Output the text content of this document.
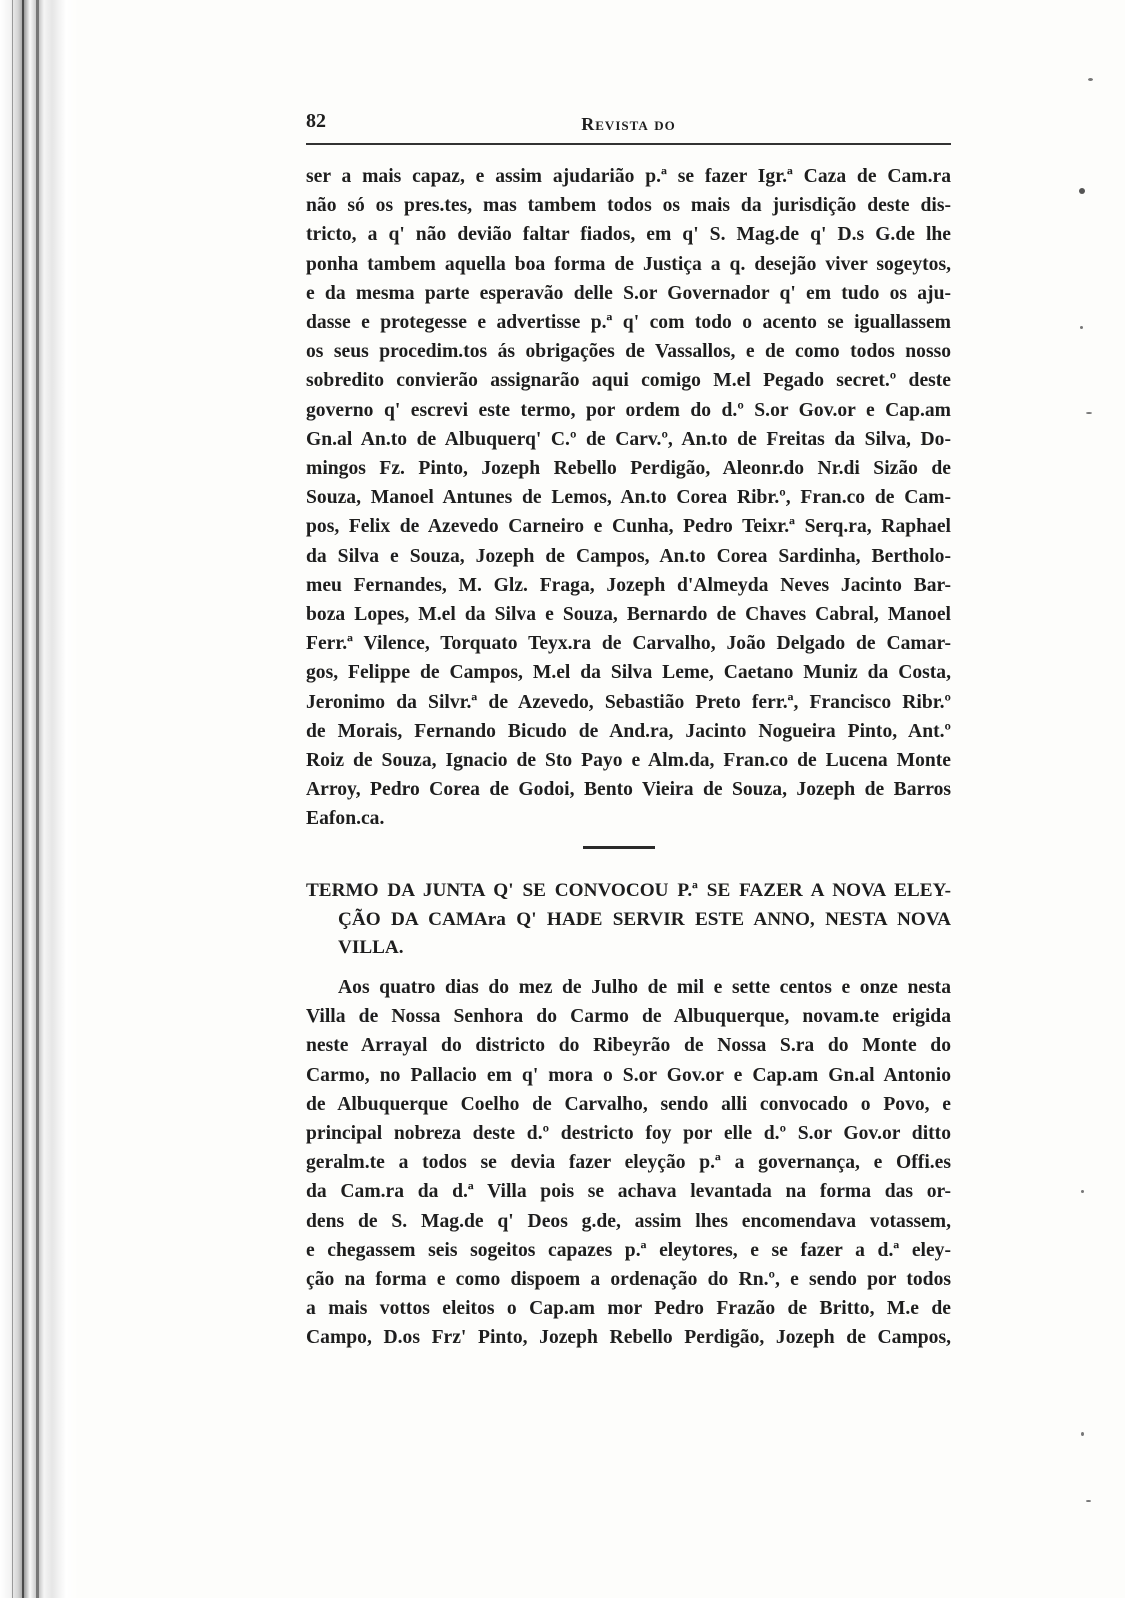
82	Revista do
ser a mais capaz, e assim ajudarião p.ª se fazer Igr.ª Caza de Cam.ra
não só os pres.tes, mas tambem todos os mais da jurisdição deste dis-
tricto, a q' não devião faltar fiados, em q' S. Mag.de q' D.s G.de lhe
ponha tambem aquella boa forma de Justiça a q. desejão viver sogeytos,
e da mesma parte esperavão delle S.or Governador q' em tudo os aju-
dasse e protegesse e advertisse p.ª q' com todo o acento se iguallassem
os seus procedim.tos ás obrigações de Vassallos, e de como todos nosso
sobredito convierão assignarão aqui comigo M.el Pegado secret.º deste
governo q' escrevi este termo, por ordem do d.º S.or Gov.or e Cap.am
Gn.al An.to de Albuquerq' C.º de Carv.º, An.to de Freitas da Silva, Do-
mingos Fz. Pinto, Jozeph Rebello Perdigão, Aleonr.do Nr.di Sizão de
Souza, Manoel Antunes de Lemos, An.to Corea Ribr.º, Fran.co de Cam-
pos, Felix de Azevedo Carneiro e Cunha, Pedro Teixr.ª Serq.ra, Raphael
da Silva e Souza, Jozeph de Campos, An.to Corea Sardinha, Bertholo-
meu Fernandes, M. Glz. Fraga, Jozeph d'Almeyda Neves Jacinto Bar-
boza Lopes, M.el da Silva e Souza, Bernardo de Chaves Cabral, Manoel
Ferr.ª Vilence, Torquato Teyx.ra de Carvalho, João Delgado de Camar-
gos, Felippe de Campos, M.el da Silva Leme, Caetano Muniz da Costa,
Jeronimo da Silvr.ª de Azevedo, Sebastião Preto ferr.ª, Francisco Ribr.º
de Morais, Fernando Bicudo de And.ra, Jacinto Nogueira Pinto, Ant.º
Roiz de Souza, Ignacio de Sto Payo e Alm.da, Fran.co de Lucena Monte
Arroy, Pedro Corea de Godoi, Bento Vieira de Souza, Jozeph de Barros
Eafon.ca.
TERMO DA JUNTA Q' SE CONVOCOU P.ª SE FAZER A NOVA ELEY-
ÇÃO DA CAMAra Q' HADE SERVIR ESTE ANNO, NESTA NOVA
VILLA.
Aos quatro dias do mez de Julho de mil e sette centos e onze nesta
Villa de Nossa Senhora do Carmo de Albuquerque, novam.te erigida
neste Arrayal do districto do Ribeyrão de Nossa S.ra do Monte do
Carmo, no Pallacio em q' mora o S.or Gov.or e Cap.am Gn.al Antonio
de Albuquerque Coelho de Carvalho, sendo alli convocado o Povo, e
principal nobreza deste d.º destricto foy por elle d.º S.or Gov.or ditto
geralm.te a todos se devia fazer eleyção p.ª a governança, e Offi.es
da Cam.ra da d.ª Villa pois se achava levantada na forma das or-
dens de S. Mag.de q' Deos g.de, assim lhes encomendava votassem,
e chegassem seis sogeitos capazes p.ª eleytores, e se fazer a d.ª eley-
ção na forma e como dispoem a ordenação do Rn.º, e sendo por todos
a mais vottos eleitos o Cap.am mor Pedro Frazão de Britto, M.e de
Campo, D.os Frz' Pinto, Jozeph Rebello Perdigão, Jozeph de Campos,
